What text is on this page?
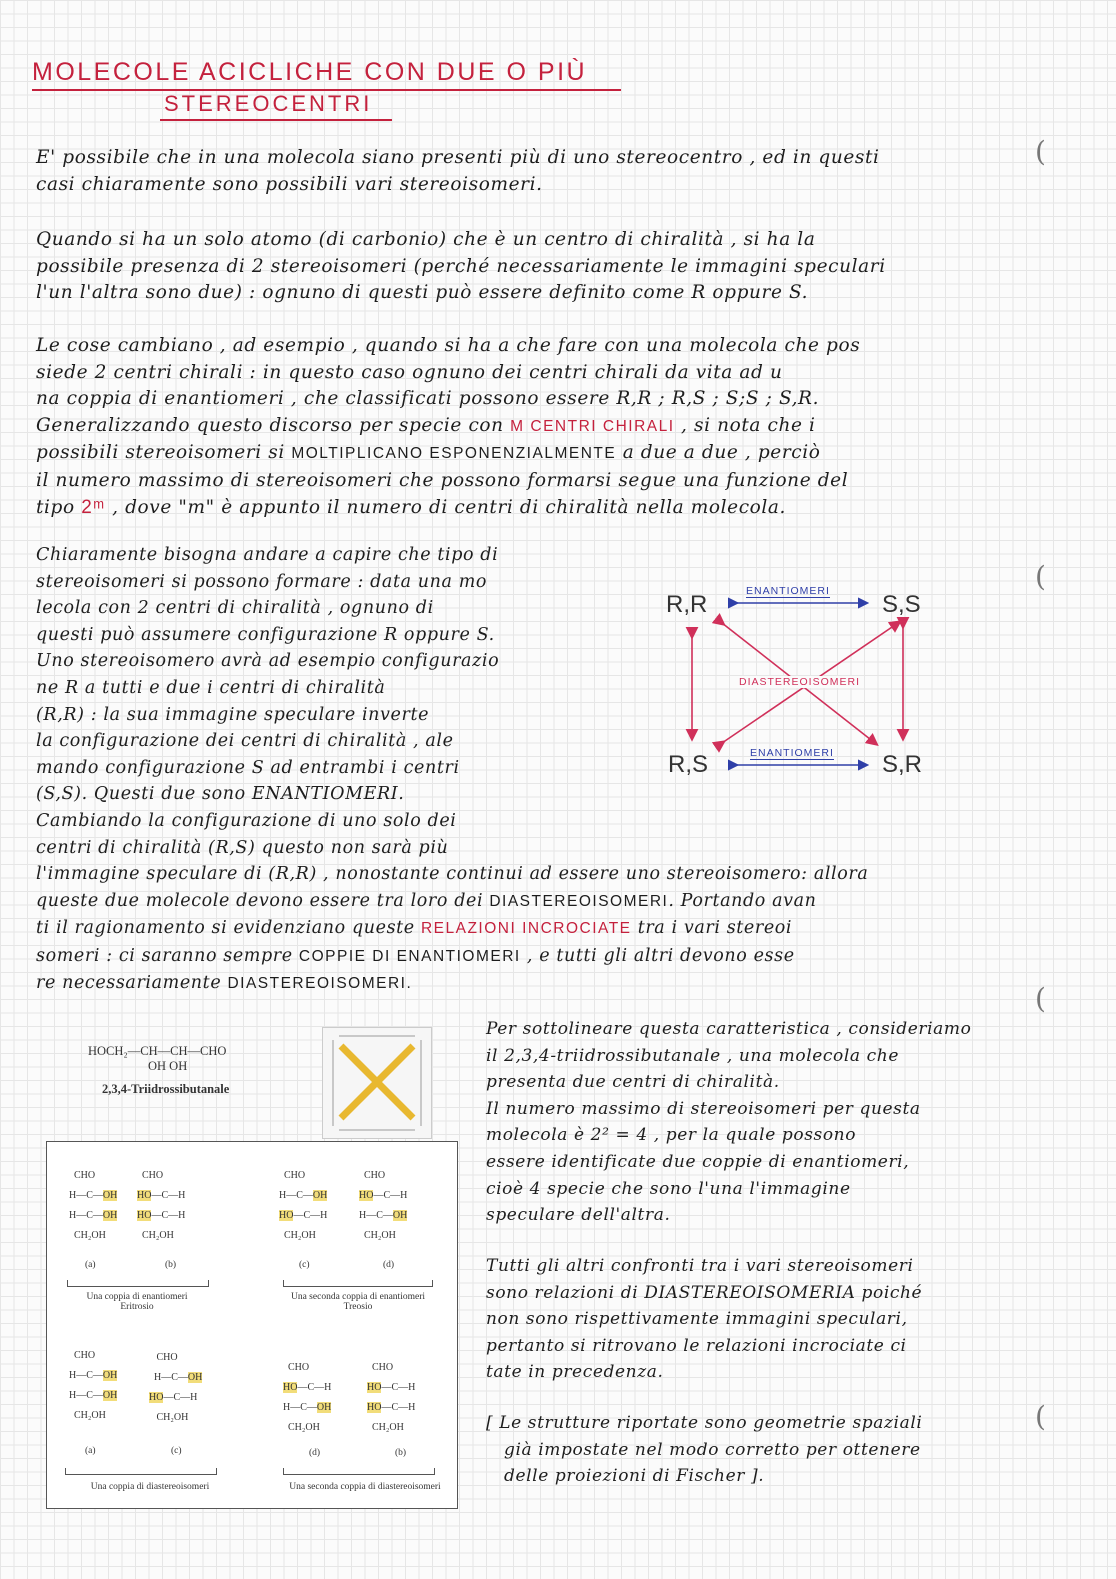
MOLECOLE ACICLICHE CON DUE O PIÙ
STEREOCENTRI
(
(
(
(
E' possibile che in una molecola siano presenti più di uno stereocentro , ed in questi
casi chiaramente sono possibili vari stereoisomeri.
Quando si ha un solo atomo (di carbonio) che è un centro di chiralità , si ha la
possibile presenza di 2 stereoisomeri (perché necessariamente le immagini speculari
l'un l'altra sono due) : ognuno di questi può essere definito come R oppure S.
Le cose cambiano , ad esempio , quando si ha a che fare con una molecola che pos
siede 2 centri chirali : in questo caso ognuno dei centri chirali da vita ad u
na coppia di enantiomeri , che classificati possono essere R,R ; R,S ; S;S ; S,R.
Generalizzando questo discorso per specie con M CENTRI CHIRALI , si nota che i
possibili stereoisomeri si MOLTIPLICANO ESPONENZIALMENTE a due a due , perciò
il numero massimo di stereoisomeri che possono formarsi segue una funzione del
tipo 2ᵐ , dove "m" è appunto il numero di centri di chiralità nella molecola.
Chiaramente bisogna andare a capire che tipo di
stereoisomeri si possono formare : data una mo
lecola con 2 centri di chiralità , ognuno di
questi può assumere configurazione R oppure S.
Uno stereoisomero avrà ad esempio configurazio
ne R a tutti e due i centri di chiralità
(R,R) : la sua immagine speculare inverte
la configurazione dei centri di chiralità , ale
mando configurazione S ad entrambi i centri
(S,S). Questi due sono ENANTIOMERI.
Cambiando la configurazione di uno solo dei
centri di chiralità (R,S) questo non sarà più
l'immagine speculare di (R,R) , nonostante continui ad essere uno stereoisomero: allora
queste due molecole devono essere tra loro dei DIASTEREOISOMERI. Portando avan
ti il ragionamento si evidenziano queste RELAZIONI INCROCIATE tra i vari stereoi
someri : ci saranno sempre COPPIE DI ENANTIOMERI , e tutti gli altri devono esse
re necessariamente DIASTEREOISOMERI.
R,R	S,S
R,S	S,R
ENANTIOMERI
ENANTIOMERI
DIASTEREOISOMERI
HOCH₂—CH—CH—CHO
OH OH
2,3,4-Triidrossibutanale
CHO
H—C—OH
H—C—OH
CH₂OH
CHO
HO—C—H
HO—C—H
CH₂OH
(a)	(b)
Una coppia di enantiomeri
Eritrosio
CHO
H—C—OH
HO—C—H
CH₂OH
CHO
HO—C—H
H—C—OH
CH₂OH
(c)	(d)
Una seconda coppia di enantiomeri
Treosio
CHO
H—C—OH
H—C—OH
CH₂OH
CHO
H—C—OH
HO—C—H
CH₂OH
(a)	(c)
Una coppia di diastereoisomeri
CHO
HO—C—H
H—C—OH
CH₂OH
CHO
HO—C—H
HO—C—H
CH₂OH
(d)	(b)
Una seconda coppia di diastereoisomeri
Per sottolineare questa caratteristica , consideriamo
il 2,3,4-triidrossibutanale , una molecola che
presenta due centri di chiralità.
Il numero massimo di stereoisomeri per questa
molecola è 2² = 4 , per la quale possono
essere identificate due coppie di enantiomeri,
cioè 4 specie che sono l'una l'immagine
speculare dell'altra.
Tutti gli altri confronti tra i vari stereoisomeri
sono relazioni di DIASTEREOISOMERIA poiché
non sono rispettivamente immagini speculari,
pertanto si ritrovano le relazioni incrociate ci
tate in precedenza.
[ Le strutture riportate sono geometrie spaziali
già impostate nel modo corretto per ottenere
delle proiezioni di Fischer ].
